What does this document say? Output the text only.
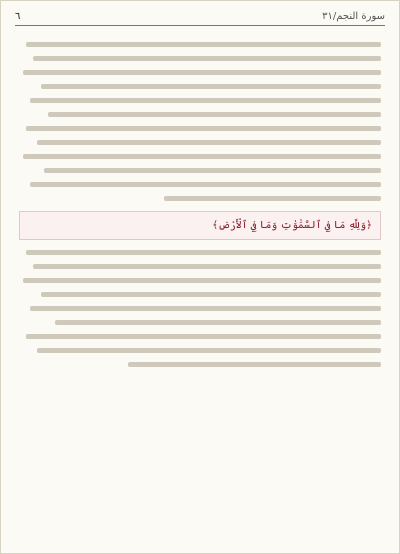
سورة النجم/٣١
٦
﴿وَلِلَّهِ مَا فِي ٱلسَّمَٰوَٰتِ وَمَا فِي ٱلْأَرْضِ﴾
